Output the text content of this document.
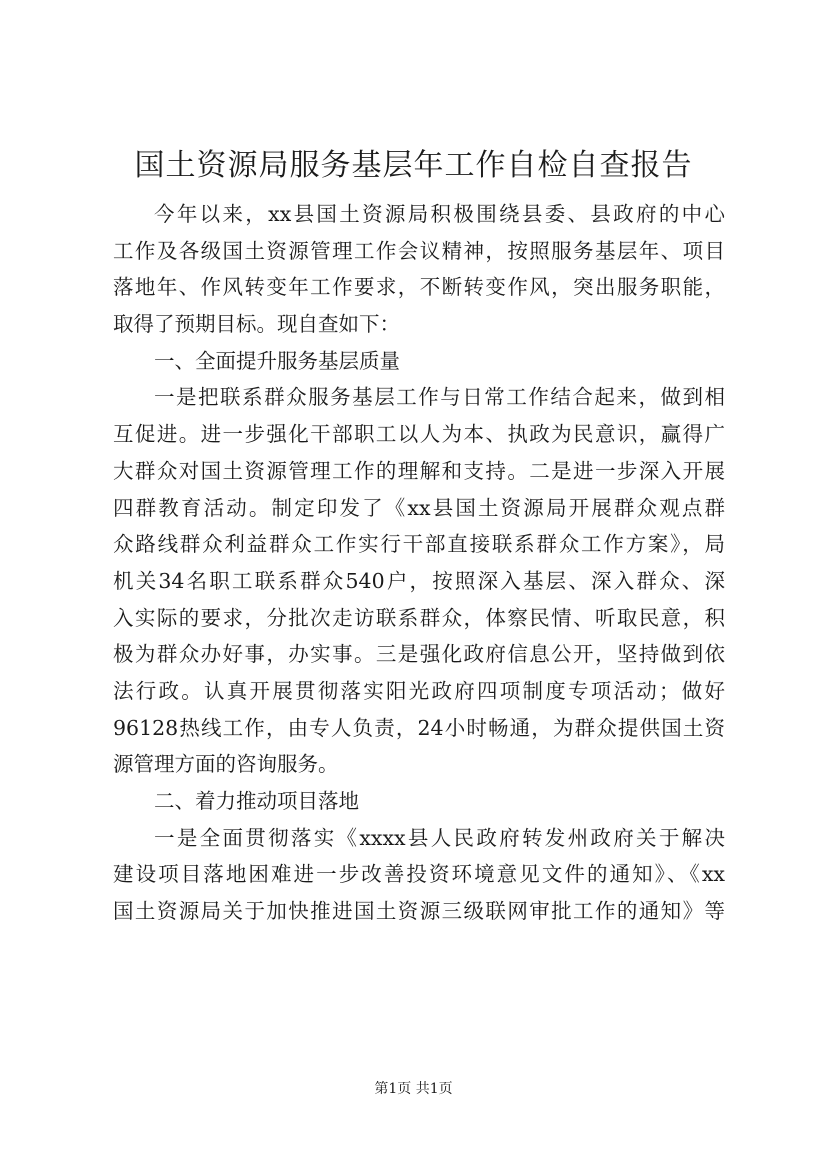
国土资源局服务基层年工作自检自查报告
今年以来，xx县国土资源局积极围绕县委、县政府的中心
工作及各级国土资源管理工作会议精神，按照服务基层年、项目
落地年、作风转变年工作要求，不断转变作风，突出服务职能，
取得了预期目标。现自查如下：
一、全面提升服务基层质量
一是把联系群众服务基层工作与日常工作结合起来，做到相
互促进。进一步强化干部职工以人为本、执政为民意识，赢得广
大群众对国土资源管理工作的理解和支持。二是进一步深入开展
四群教育活动。制定印发了《xx县国土资源局开展群众观点群
众路线群众利益群众工作实行干部直接联系群众工作方案》，局
机关34名职工联系群众540户，按照深入基层、深入群众、深
入实际的要求，分批次走访联系群众，体察民情、听取民意，积
极为群众办好事，办实事。三是强化政府信息公开，坚持做到依
法行政。认真开展贯彻落实阳光政府四项制度专项活动；做好
96128热线工作，由专人负责，24小时畅通，为群众提供国土资
源管理方面的咨询服务。
二、着力推动项目落地
一是全面贯彻落实《xxxx县人民政府转发州政府关于解决
建设项目落地困难进一步改善投资环境意见文件的通知》、《xx
国土资源局关于加快推进国土资源三级联网审批工作的通知》等
第1页 共1页
